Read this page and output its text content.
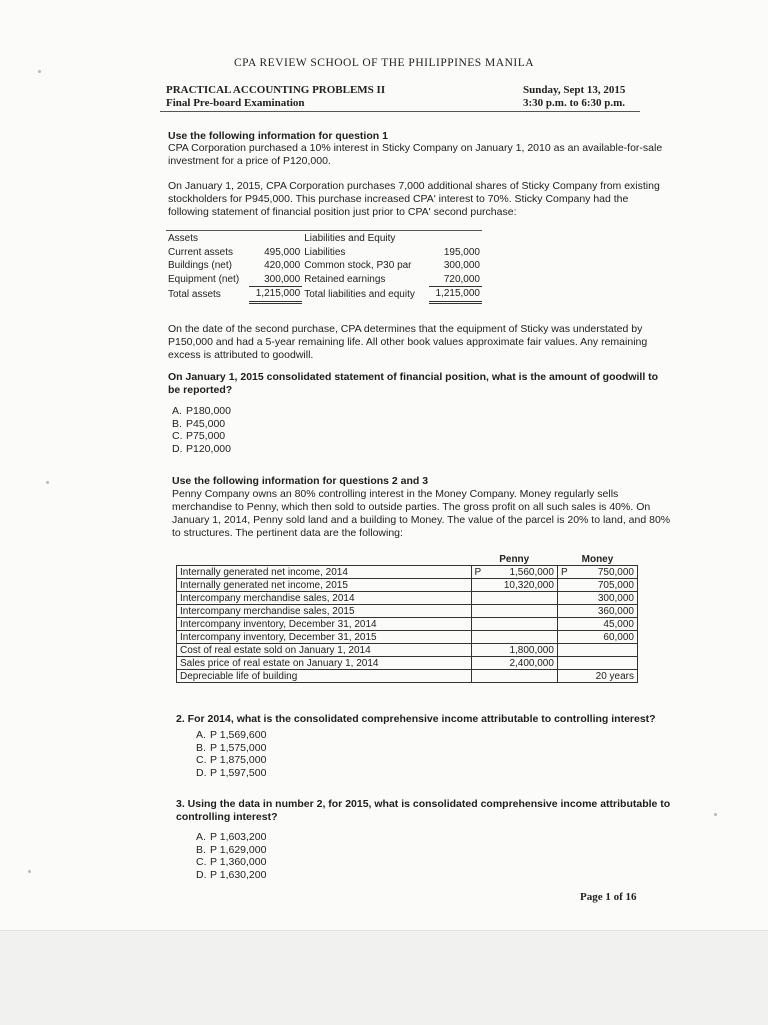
CPA REVIEW SCHOOL OF THE PHILIPPINES MANILA
PRACTICAL ACCOUNTING PROBLEMS II
Final Pre-board Examination
Sunday, Sept 13, 2015
3:30 p.m. to 6:30 p.m.
Use the following information for question 1
CPA Corporation purchased a 10% interest in Sticky Company on January 1, 2010 as an available-for-sale
investment for a price of P120,000.
On January 1, 2015, CPA Corporation purchases 7,000 additional shares of Sticky Company from existing
stockholders for P945,000. This purchase increased CPA' interest to 70%. Sticky Company had the
following statement of financial position just prior to CPA' second purchase:
Assets		Liabilities and Equity	
Current assets	495,000	Liabilities	195,000
Buildings (net)	420,000	Common stock, P30 par	300,000
Equipment (net)	300,000	Retained earnings	720,000
Total assets	1,215,000	Total liabilities and equity	1,215,000
On the date of the second purchase, CPA determines that the equipment of Sticky was understated by
P150,000 and had a 5-year remaining life. All other book values approximate fair values. Any remaining
excess is attributed to goodwill.
On January 1, 2015 consolidated statement of financial position, what is the amount of goodwill to
be reported?
A. P180,000
B. P45,000
C. P75,000
D. P120,000
Use the following information for questions 2 and 3
Penny Company owns an 80% controlling interest in the Money Company. Money regularly sells
merchandise to Penny, which then sold to outside parties. The gross profit on all such sales is 40%. On
January 1, 2014, Penny sold land and a building to Money. The value of the parcel is 20% to land, and 80%
to structures. The pertinent data are the following:
	Penny		Money	
Internally generated net income, 2014	P	1,560,000	P	750,000
Internally generated net income, 2015		10,320,000		705,000
Intercompany merchandise sales, 2014				300,000
Intercompany merchandise sales, 2015				360,000
Intercompany inventory, December 31, 2014				45,000
Intercompany inventory, December 31, 2015				60,000
Cost of real estate sold on January 1, 2014		1,800,000		
Sales price of real estate on January 1, 2014		2,400,000		
Depreciable life of building				20 years
2. For 2014, what is the consolidated comprehensive income attributable to controlling interest?
A. P 1,569,600
B. P 1,575,000
C. P 1,875,000
D. P 1,597,500
3. Using the data in number 2, for 2015, what is consolidated comprehensive income attributable to
controlling interest?
A. P 1,603,200
B. P 1,629,000
C. P 1,360,000
D. P 1,630,200
Page 1 of 16
